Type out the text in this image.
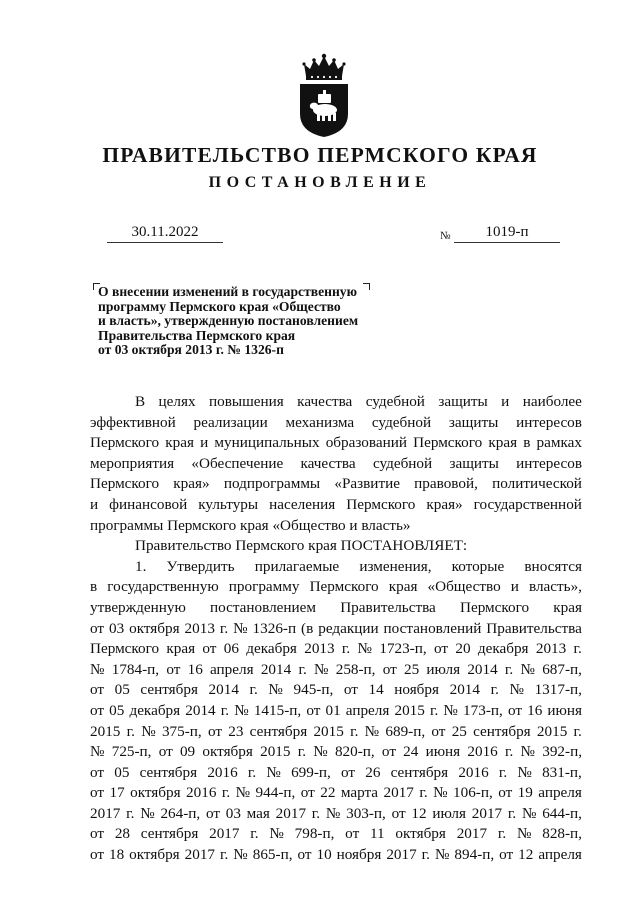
ПРАВИТЕЛЬСТВО ПЕРМСКОГО КРАЯ
ПОСТАНОВЛЕНИЕ
30.11.2022	№	1019-п
О внесении изменений в государственную
программу Пермского края «Общество
и власть», утвержденную постановлением
Правительства Пермского края
от 03 октября 2013 г. № 1326-п
В целях повышения качества судебной защиты и наиболее
эффективной реализации механизма судебной защиты интересов
Пермского края и муниципальных образований Пермского края в рамках
мероприятия «Обеспечение качества судебной защиты интересов
Пермского края» подпрограммы «Развитие правовой, политической
и финансовой культуры населения Пермского края» государственной
программы Пермского края «Общество и власть»
Правительство Пермского края ПОСТАНОВЛЯЕТ:
1. Утвердить прилагаемые изменения, которые вносятся
в государственную программу Пермского края «Общество и власть»,
утвержденную постановлением Правительства Пермского края
от 03 октября 2013 г. № 1326-п (в редакции постановлений Правительства
Пермского края от 06 декабря 2013 г. № 1723-п, от 20 декабря 2013 г.
№ 1784-п, от 16 апреля 2014 г. № 258-п, от 25 июля 2014 г. № 687-п,
от 05 сентября 2014 г. № 945-п, от 14 ноября 2014 г. № 1317-п,
от 05 декабря 2014 г. № 1415-п, от 01 апреля 2015 г. № 173-п, от 16 июня
2015 г. № 375-п, от 23 сентября 2015 г. № 689-п, от 25 сентября 2015 г.
№ 725-п, от 09 октября 2015 г. № 820-п, от 24 июня 2016 г. № 392-п,
от 05 сентября 2016 г. № 699-п, от 26 сентября 2016 г. № 831-п,
от 17 октября 2016 г. № 944-п, от 22 марта 2017 г. № 106-п, от 19 апреля
2017 г. № 264-п, от 03 мая 2017 г. № 303-п, от 12 июля 2017 г. № 644-п,
от 28 сентября 2017 г. № 798-п, от 11 октября 2017 г. № 828-п,
от 18 октября 2017 г. № 865-п, от 10 ноября 2017 г. № 894-п, от 12 апреля
